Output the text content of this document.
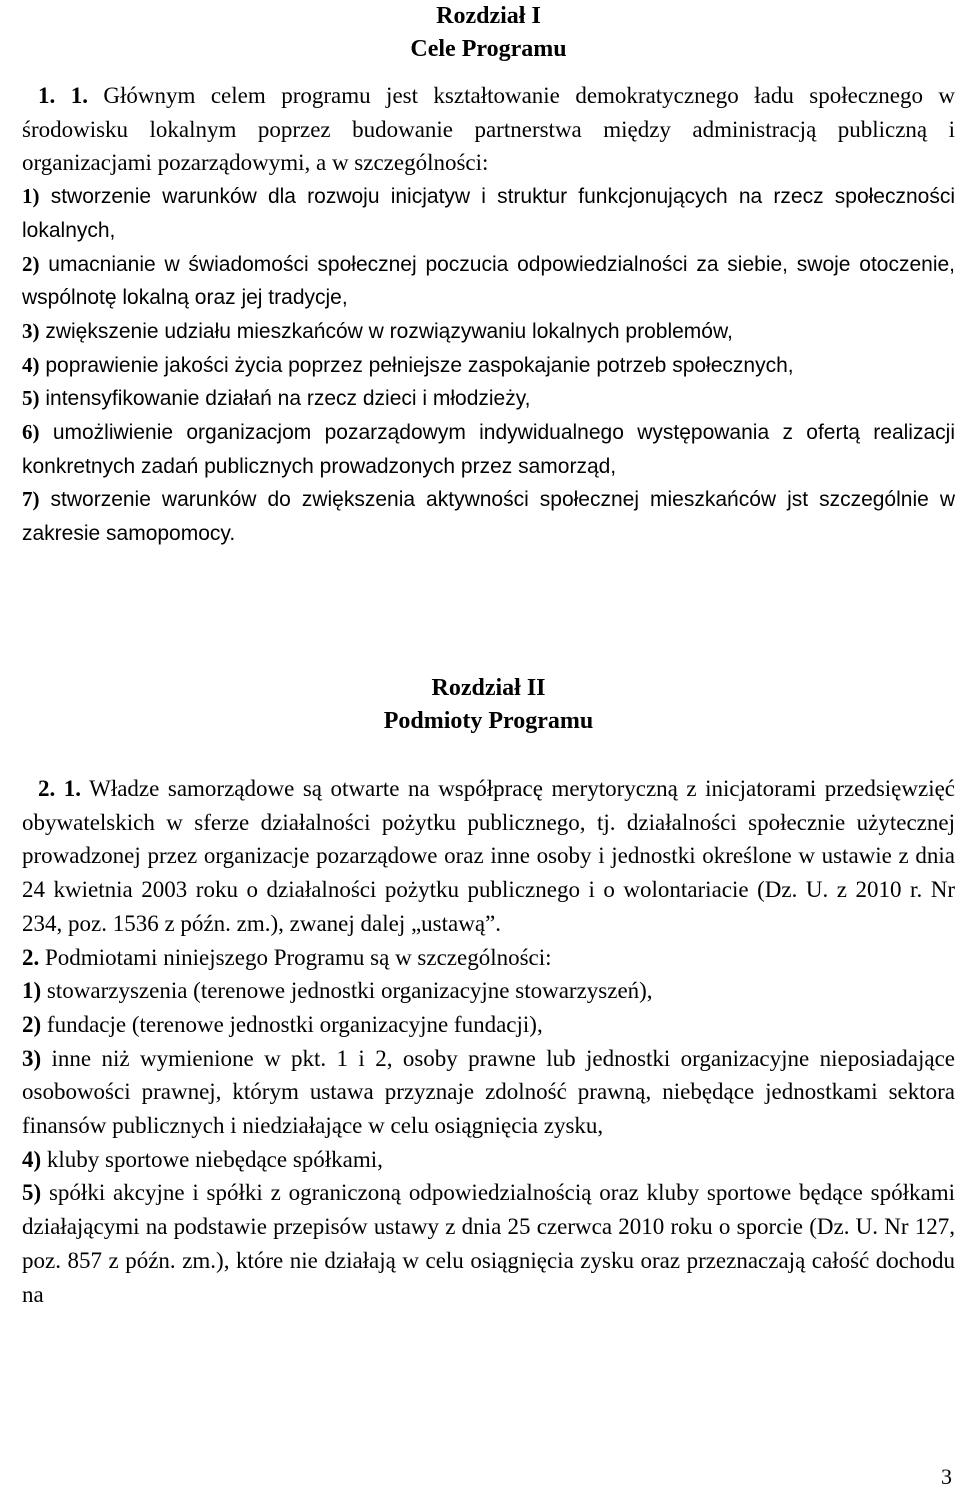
Rozdział I

Cele Programu

1. 1. Głównym celem programu jest kształtowanie demokratycznego ładu społecznego w środowisku lokalnym poprzez budowanie partnerstwa między administracją publiczną i organizacjami pozarządowymi, a w szczególności:

1) stworzenie warunków dla rozwoju inicjatyw i struktur funkcjonujących na rzecz społeczności lokalnych,

2) umacnianie w świadomości społecznej poczucia odpowiedzialności za siebie, swoje otoczenie, wspólnotę lokalną oraz jej tradycje,

3) zwiększenie udziału mieszkańców w rozwiązywaniu lokalnych problemów,

4) poprawienie jakości życia poprzez pełniejsze zaspokajanie potrzeb społecznych,

5) intensyfikowanie działań na rzecz dzieci i młodzieży,

6) umożliwienie organizacjom pozarządowym indywidualnego występowania z ofertą realizacji konkretnych zadań publicznych prowadzonych przez samorząd,

7) stworzenie warunków do zwiększenia aktywności społecznej mieszkańców jst szczególnie w zakresie samopomocy.

Rozdział II

Podmioty Programu

2. 1. Władze samorządowe są otwarte na współpracę merytoryczną z inicjatorami przedsięwzięć obywatelskich w sferze działalności pożytku publicznego, tj. działalności społecznie użytecznej prowadzonej przez organizacje pozarządowe oraz inne osoby i jednostki określone w ustawie z dnia 24 kwietnia 2003 roku o działalności pożytku publicznego i o wolontariacie (Dz. U. z 2010 r. Nr 234, poz. 1536 z późn. zm.), zwanej dalej „ustawą”.

2. Podmiotami niniejszego Programu są w szczególności:

1) stowarzyszenia (terenowe jednostki organizacyjne stowarzyszeń),

2) fundacje (terenowe jednostki organizacyjne fundacji),

3) inne niż wymienione w pkt. 1 i 2, osoby prawne lub jednostki organizacyjne nieposiadające osobowości prawnej, którym ustawa przyznaje zdolność prawną, niebędące jednostkami sektora finansów publicznych i niedziałające w celu osiągnięcia zysku,

4) kluby sportowe niebędące spółkami,

5) spółki akcyjne i spółki z ograniczoną odpowiedzialnością oraz kluby sportowe będące spółkami działającymi na podstawie przepisów ustawy z dnia 25 czerwca 2010 roku o sporcie (Dz. U. Nr 127, poz. 857 z późn. zm.), które nie działają w celu osiągnięcia zysku oraz przeznaczają całość dochodu na

3
